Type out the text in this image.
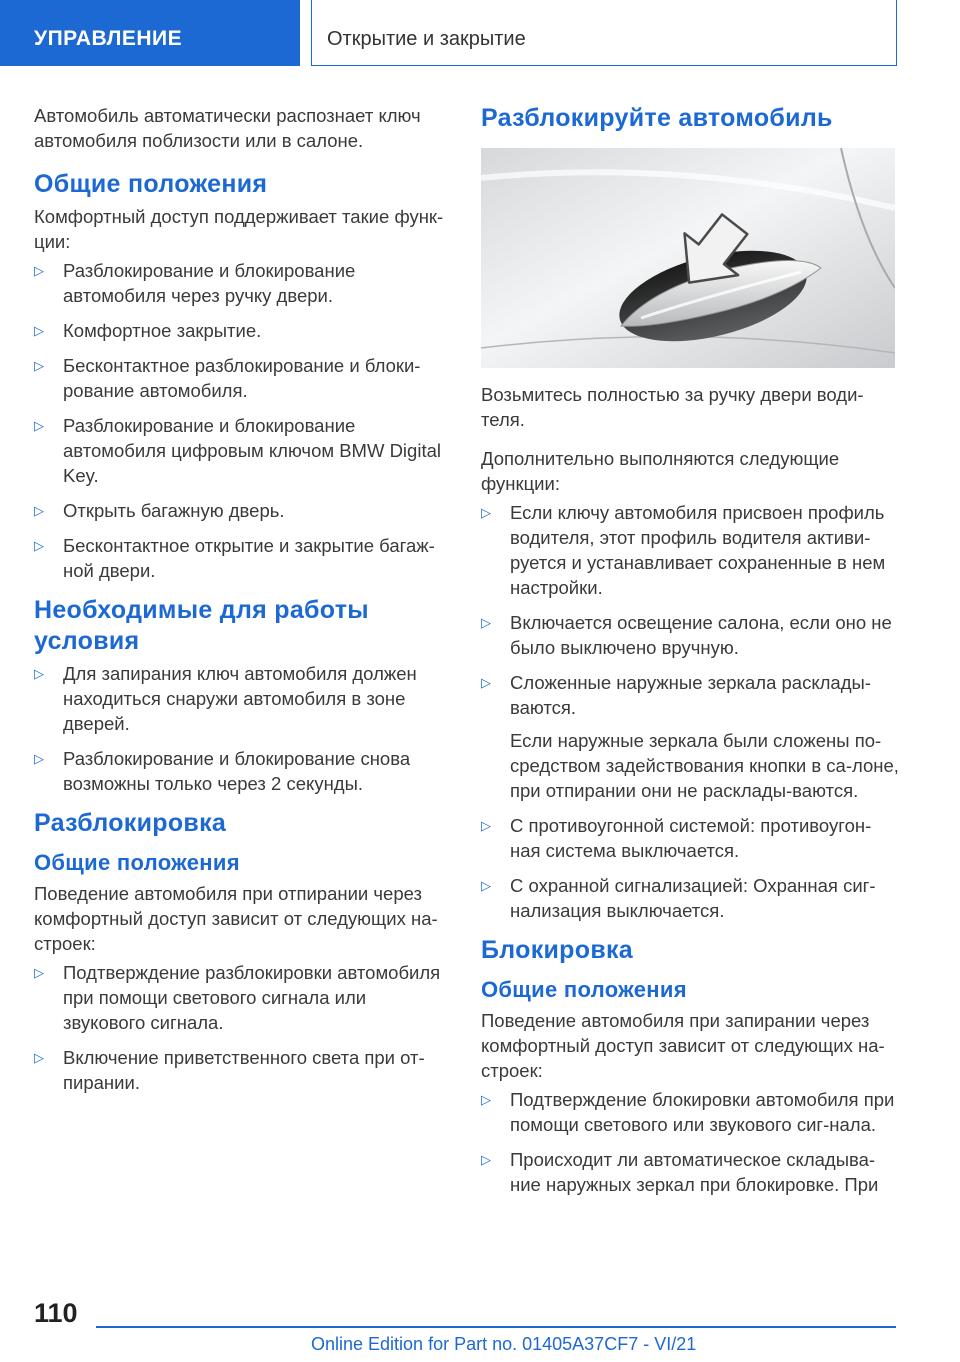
УПРАВЛЕНИЕ	Открытие и закрытие

Автомобиль автоматически распознает ключ автомобиля поблизости или в салоне.

Общие положения

Комфортный доступ поддерживает такие функ-ции:

▷ Разблокирование и блокирование автомобиля через ручку двери.
▷ Комфортное закрытие.
▷ Бесконтактное разблокирование и блоки-рование автомобиля.
▷ Разблокирование и блокирование автомобиля цифровым ключом BMW Digital Key.
▷ Открыть багажную дверь.
▷ Бесконтактное открытие и закрытие багаж-ной двери.
Необходимые для работы условия
▷ Для запирания ключ автомобиля должен находиться снаружи автомобиля в зоне дверей.
▷ Разблокирование и блокирование снова возможны только через 2 секунды.
Разблокировка
Общие положения

Поведение автомобиля при отпирании через комфортный доступ зависит от следующих на-строек:

▷ Подтверждение разблокировки автомобиля при помощи светового сигнала или звукового сигнала.
▷ Включение приветственного света при от-пирании.
Разблокируйте автомобиль

Возьмитесь полностью за ручку двери води-теля.

Дополнительно выполняются следующие функции:

▷ Если ключу автомобиля присвоен профиль водителя, этот профиль водителя активи-руется и устанавливает сохраненные в нем настройки.
▷ Включается освещение салона, если оно не было выключено вручную.
▷ Сложенные наружные зеркала расклады-ваются.

Если наружные зеркала были сложены по-средством задействования кнопки в са-лоне, при отпирании они не расклады-ваются.

▷ С противоугонной системой: противоугон-ная система выключается.
▷ С охранной сигнализацией: Охранная сиг-нализация выключается.
Блокировка
Общие положения

Поведение автомобиля при запирании через комфортный доступ зависит от следующих на-строек:

▷ Подтверждение блокировки автомобиля при помощи светового или звукового сиг-нала.
▷ Происходит ли автоматическое складыва-ние наружных зеркал при блокировке. При
110
Online Edition for Part no. 01405A37CF7 - VI/21
